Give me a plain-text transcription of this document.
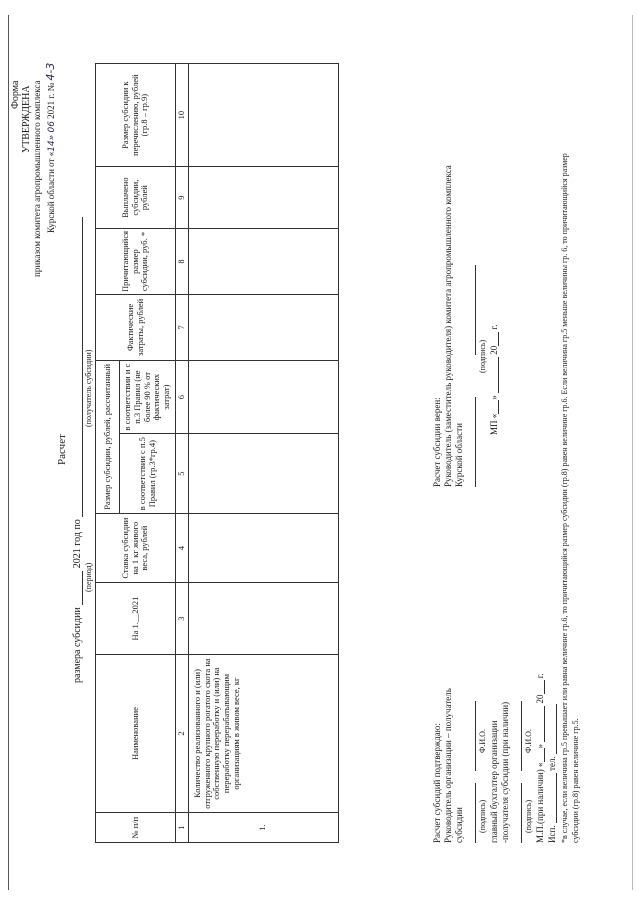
Форма УТВЕРЖДЕНА приказом комитета агропромышленного комплекса Курской области от «14» 06 2021 г. № 4-3
Расчет
размера субсидии  2021 год по
(период)
(получатель субсидии)
№ п/п	Наименование	На 1.__2021	Ставка субсидии на 1 кг живого веса, рублей	Размер субсидии, рублей, рассчитанный		Фактические затраты, рублей	Причитающийся размер субсидии, руб. *	Выплачено субсидии, рублей	Размер субсидии к перечислению, рублей (гр.8 – гр.9)
				в соответствии с п.5 Правил (гр.3*гр.4)	в соответствии и с п.3 Правил (не более 90 % от фактических затрат)				
1	2	3	4	5	6	7	8	9	10
1.	Количество реализованного и (или) отгруженного крупного рогатого скота на собственную переработку и (или) на переработку перерабатывающим организациям в живом весе, кг									Расчет субсидий подтверждаю: Руководитель организации – получатель субсидии
(подпись)
Ф.И.О. главный бухгалтер организации -получателя субсидии (при наличии)
(подпись)
Ф.И.О.
М.П.(при наличии) «»  20 г.
Исп.  тел.
Расчет субсидии верен: Руководитель (заместитель руководителя) комитета агропромышленного комплекса Курской области

(подпись)
МП «»  20 г.	*в случае, если величина гр.5 превышает или равна величине гр.6, то причитающийся размер субсидии (гр.8) равен величине гр.6. Если величина гр.5 меньше величины гр. 6, то причитающийся размер субсидии (гр.8) равен величине гр.5.
